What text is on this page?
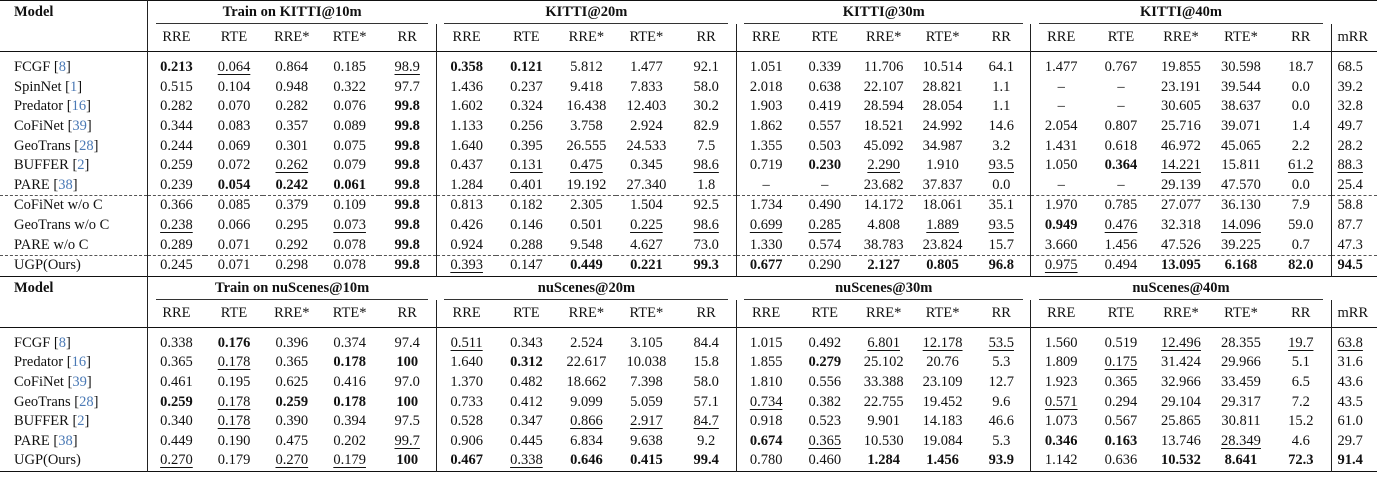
Model	Train on KITTI@10m					KITTI@20m					KITTI@30m					KITTI@40m				

	RRE	RTE	RRE*	RTE*	RR	RRE	RTE	RRE*	RTE*	RR	RRE	RTE	RRE*	RTE*	RR	RRE	RTE	RRE*	RTE*	RR	mRR
FCGF [8]	0.213	0.064	0.864	0.185	98.9	0.358	0.121	5.812	1.477	92.1	1.051	0.339	11.706	10.514	64.1	1.477	0.767	19.855	30.598	18.7	68.5
SpinNet [1]	0.515	0.104	0.948	0.322	97.7	1.436	0.237	9.418	7.833	58.0	2.018	0.638	22.107	28.821	1.1	–	–	23.191	39.544	0.0	39.2
Predator [16]	0.282	0.070	0.282	0.076	99.8	1.602	0.324	16.438	12.403	30.2	1.903	0.419	28.594	28.054	1.1	–	–	30.605	38.637	0.0	32.8
CoFiNet [39]	0.344	0.083	0.357	0.089	99.8	1.133	0.256	3.758	2.924	82.9	1.862	0.557	18.521	24.992	14.6	2.054	0.807	25.716	39.071	1.4	49.7
GeoTrans [28]	0.244	0.069	0.301	0.075	99.8	1.640	0.395	26.555	24.533	7.5	1.355	0.503	45.092	34.987	3.2	1.431	0.618	46.972	45.065	2.2	28.2
BUFFER [2]	0.259	0.072	0.262	0.079	99.8	0.437	0.131	0.475	0.345	98.6	0.719	0.230	2.290	1.910	93.5	1.050	0.364	14.221	15.811	61.2	88.3
PARE [38]	0.239	0.054	0.242	0.061	99.8	1.284	0.401	19.192	27.340	1.8	–	–	23.682	37.837	0.0	–	–	29.139	47.570	0.0	25.4
CoFiNet w/o C	0.366	0.085	0.379	0.109	99.8	0.813	0.182	2.305	1.504	92.5	1.734	0.490	14.172	18.061	35.1	1.970	0.785	27.077	36.130	7.9	58.8
GeoTrans w/o C	0.238	0.066	0.295	0.073	99.8	0.426	0.146	0.501	0.225	98.6	0.699	0.285	4.808	1.889	93.5	0.949	0.476	32.318	14.096	59.0	87.7
PARE w/o C	0.289	0.071	0.292	0.078	99.8	0.924	0.288	9.548	4.627	73.0	1.330	0.574	38.783	23.824	15.7	3.660	1.456	47.526	39.225	0.7	47.3
UGP(Ours)	0.245	0.071	0.298	0.078	99.8	0.393	0.147	0.449	0.221	99.3	0.677	0.290	2.127	0.805	96.8	0.975	0.494	13.095	6.168	82.0	94.5
Model	Train on nuScenes@10m					nuScenes@20m					nuScenes@30m					nuScenes@40m				

	RRE	RTE	RRE*	RTE*	RR	RRE	RTE	RRE*	RTE*	RR	RRE	RTE	RRE*	RTE*	RR	RRE	RTE	RRE*	RTE*	RR	mRR
FCGF [8]	0.338	0.176	0.396	0.374	97.4	0.511	0.343	2.524	3.105	84.4	1.015	0.492	6.801	12.178	53.5	1.560	0.519	12.496	28.355	19.7	63.8
Predator [16]	0.365	0.178	0.365	0.178	100	1.640	0.312	22.617	10.038	15.8	1.855	0.279	25.102	20.76	5.3	1.809	0.175	31.424	29.966	5.1	31.6
CoFiNet [39]	0.461	0.195	0.625	0.416	97.0	1.370	0.482	18.662	7.398	58.0	1.810	0.556	33.388	23.109	12.7	1.923	0.365	32.966	33.459	6.5	43.6
GeoTrans [28]	0.259	0.178	0.259	0.178	100	0.733	0.412	9.099	5.059	57.1	0.734	0.382	22.755	19.452	9.6	0.571	0.294	29.104	29.317	7.2	43.5
BUFFER [2]	0.340	0.178	0.390	0.394	97.5	0.528	0.347	0.866	2.917	84.7	0.918	0.523	9.901	14.183	46.6	1.073	0.567	25.865	30.811	15.2	61.0
PARE [38]	0.449	0.190	0.475	0.202	99.7	0.906	0.445	6.834	9.638	9.2	0.674	0.365	10.530	19.084	5.3	0.346	0.163	13.746	28.349	4.6	29.7
UGP(Ours)	0.270	0.179	0.270	0.179	100	0.467	0.338	0.646	0.415	99.4	0.780	0.460	1.284	1.456	93.9	1.142	0.636	10.532	8.641	72.3	91.4
